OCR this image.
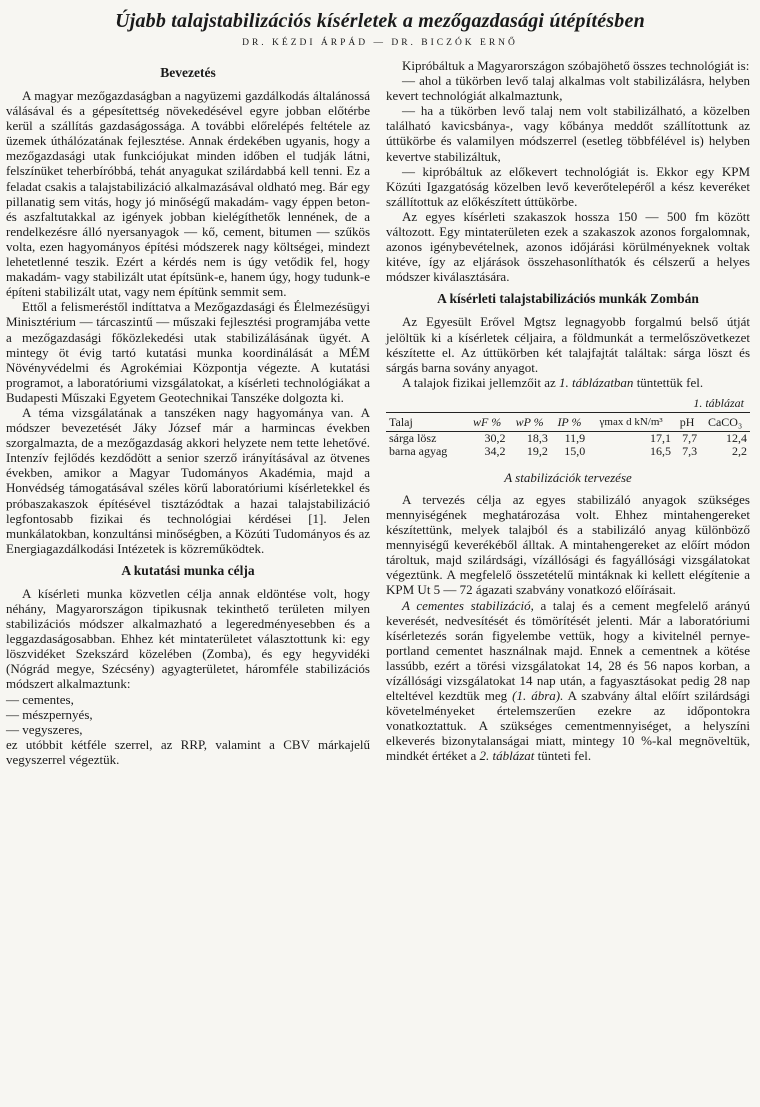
Újabb talajstabilizációs kísérletek a mezőgazdasági útépítésben
DR. KÉZDI ÁRPÁD — DR. BICZÓK ERNŐ
Bevezetés

A magyar mezőgazdaságban a nagyüzemi gazdálkodás általánossá válásával és a gépesítettség növekedésével egyre jobban előtérbe kerül a szállítás gazdaságossága. A további előrelépés feltétele az üzemek úthálózatának fejlesztése. Annak érdekében ugyanis, hogy a mezőgazdasági utak funkciójukat minden időben el tudják látni, felszínüket teherbíróbbá, tehát anyagukat szilárdabbá kell tenni. Ez a feladat csakis a talajstabilizáció alkalmazásával oldható meg. Bár egy pillanatig sem vitás, hogy jó minőségű makadám- vagy éppen beton- és aszfaltutakkal az igények jobban kielégíthetők lennének, de a rendelkezésre álló nyersanyagok — kő, cement, bitumen — szűkös volta, ezen hagyományos építési módszerek nagy költségei, mindezt lehetetlenné teszik. Ezért a kérdés nem is úgy vetődik fel, hogy makadám- vagy stabilizált utat építsünk-e, hanem úgy, hogy tudunk-e építeni stabilizált utat, vagy nem építünk semmit sem.

Ettől a felismeréstől indíttatva a Mezőgazdasági és Élelmezésügyi Minisztérium — tárcaszintű — műszaki fejlesztési programjába vette a mezőgazdasági főközlekedési utak stabilizálásának ügyét. A mintegy öt évig tartó kutatási munka koordinálását a MÉM Növényvédelmi és Agrokémiai Központja végezte. A kutatási programot, a laboratóriumi vizsgálatokat, a kísérleti technológiákat a Budapesti Műszaki Egyetem Geotechnikai Tanszéke dolgozta ki.

A téma vizsgálatának a tanszéken nagy hagyománya van. A módszer bevezetését Jáky József már a harmincas években szorgalmazta, de a mezőgazdaság akkori helyzete nem tette lehetővé. Intenzív fejlődés kezdődött a senior szerző irányításával az ötvenes években, amikor a Magyar Tudományos Akadémia, majd a Honvédség támogatásával széles körű laboratóriumi kísérletekkel és próbaszakaszok építésével tisztázódtak a hazai talajstabilizáció legfontosabb fizikai és technológiai kérdései [1]. Jelen munkálatokban, konzultánsi minőségben, a Közúti Tudományos és az Energiagazdálkodási Intézetek is közreműködtek.

A kutatási munka célja

A kísérleti munka közvetlen célja annak eldöntése volt, hogy néhány, Magyarországon tipikusnak tekinthető területen milyen stabilizációs módszer alkalmazható a legeredményesebben és a leggazdaságosabban. Ehhez két mintaterületet választottunk ki: egy löszvidéket Szekszárd közelében (Zomba), és egy hegyvidéki (Nógrád megye, Szécsény) agyagterületet, háromféle stabilizációs módszert alkalmaztunk:

— cementes,
— mészpernyés,
— vegyszeres,

ez utóbbit kétféle szerrel, az RRP, valamint a CBV márkajelű vegyszerrel végeztük.

Kipróbáltuk a Magyarországon szóbajöhető összes technológiát is:

— ahol a tükörben levő talaj alkalmas volt stabilizálásra, helyben kevert technológiát alkalmaztunk,

— ha a tükörben levő talaj nem volt stabilizálható, a közelben található kavicsbánya-, vagy kőbánya meddőt szállítottunk az úttükörbe és valamilyen módszerrel (esetleg többfélével is) helyben kevertve stabilizáltuk,

— kipróbáltuk az előkevert technológiát is. Ekkor egy KPM Közúti Igazgatóság közelben levő keverőtelepéről a kész keveréket szállítottuk az előkészített úttükörbe.

Az egyes kísérleti szakaszok hossza 150 — 500 fm között változott. Egy mintaterületen ezek a szakaszok azonos forgalomnak, azonos igénybevételnek, azonos időjárási körülményeknek voltak kitéve, így az eljárások összehasonlíthatók és célszerű a helyes módszer kiválasztására.

A kísérleti talajstabilizációs munkák Zombán

Az Egyesült Erővel Mgtsz legnagyobb forgalmú belső útját jelöltük ki a kísérletek céljaira, a földmunkát a termelőszövetkezet készítette el. Az úttükörben két talajfajtát találtak: sárga löszt és sárgás barna sovány anyagot.

A talajok fizikai jellemzőit az 1. táblázatban tüntettük fel.

1. táblázat
Talaj	wF %	wP %	IP %	γmax d kN/m³	pH	CaCO₃
sárga lösz	30,2	18,3	11,9	17,1	7,7	12,4
barna agyag	34,2	19,2	15,0	16,5	7,3	2,2
A stabilizációk tervezése

A tervezés célja az egyes stabilizáló anyagok szükséges mennyiségének meghatározása volt. Ehhez mintahengereket készítettünk, melyek talajból és a stabilizáló anyag különböző mennyiségű keverékéből álltak. A mintahengereket az előírt módon tároltuk, majd szilárdsági, vízállósági és fagyállósági vizsgálatokat végeztünk. A megfelelő összetételű mintáknak ki kellett elégítenie a KPM Ut 5 — 72 ágazati szabvány vonatkozó előírásait.

A cementes stabilizáció, a talaj és a cement megfelelő arányú keverését, nedvesítését és tömörítését jelenti. Már a laboratóriumi kísérletezés során figyelembe vettük, hogy a kivitelnél pernye-portland cementet használnak majd. Ennek a cementnek a kötése lassúbb, ezért a törési vizsgálatokat 14, 28 és 56 napos korban, a vízállósági vizsgálatokat 14 nap után, a fagyasztásokat pedig 28 nap elteltével kezdtük meg (1. ábra). A szabvány által előírt szilárdsági követelményeket értelemszerűen ezekre az időpontokra vonatkoztattuk. A szükséges cementmennyiséget, a helyszíni elkeverés bizonytalanságai miatt, mintegy 10 %-kal megnöveltük, mindkét értéket a 2. táblázat tünteti fel.
